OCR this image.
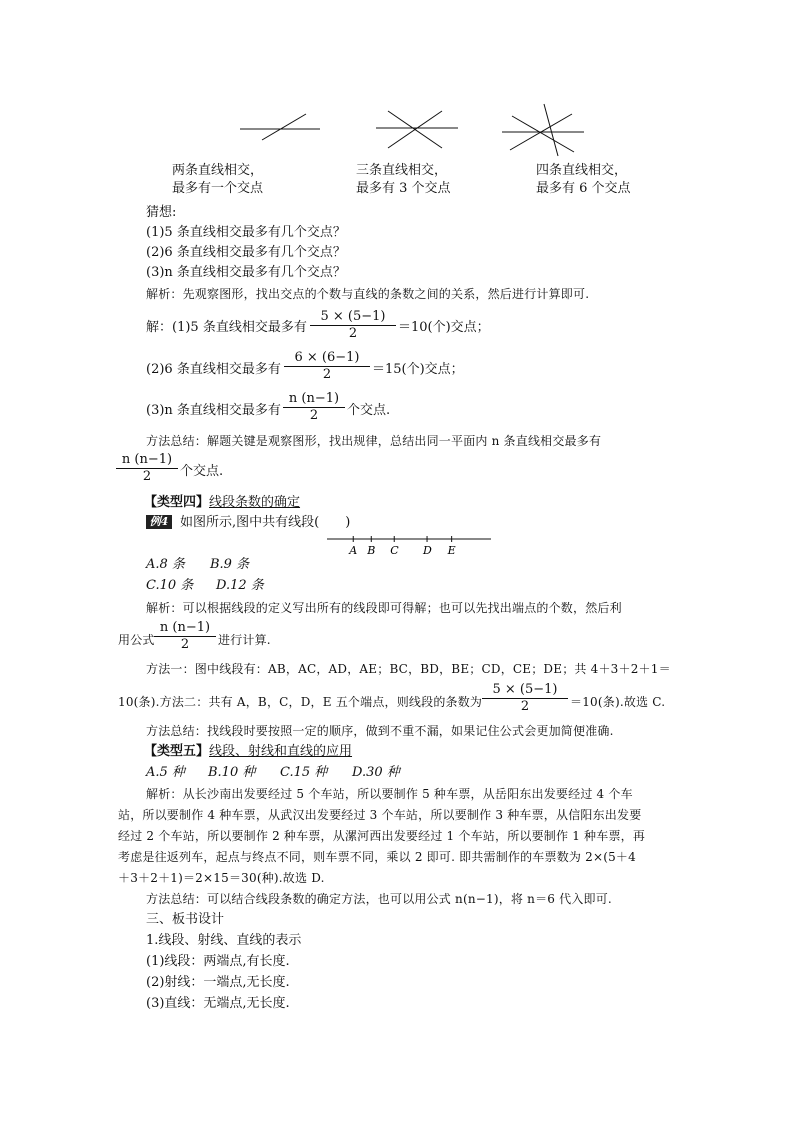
两条直线相交，
最多有一个交点
三条直线相交，
最多有 3 个交点
四条直线相交，
最多有 6 个交点
猜想:
(1)5 条直线相交最多有几个交点？
(2)6 条直线相交最多有几个交点？
(3)n 条直线相交最多有几个交点？
解析：先观察图形，找出交点的个数与直线的条数之间的关系，然后进行计算即可.
解：(1)5 条直线相交最多有
5 × (5−1)
2	＝10(个)交点；
(2)6 条直线相交最多有
6 × (6−1)
2	＝15(个)交点；
(3)n 条直线相交最多有
n (n−1)
2	个交点.
方法总结：解题关键是观察图形，找出规律，总结出同一平面内 n 条直线相交最多有
n (n−1)
2	个交点.
【类型四】线段条数的确定
例4 如图所示,图中共有线段(　　)
A B C D E
A.8 条 B.9 条
C.10 条 D.12 条
解析：可以根据线段的定义写出所有的线段即可得解；也可以先找出端点的个数，然后利
用公式
n (n−1)
2	进行计算.
方法一：图中线段有：AB，AC，AD，AE；BC，BD，BE；CD，CE；DE；共 4＋3＋2＋1＝
10(条).方法二：共有 A，B，C，D，E 五个端点，则线段的条数为
5 × (5−1)
2	＝10(条).故选 C.
方法总结：找线段时要按照一定的顺序，做到不重不漏，如果记住公式会更加简便准确.
【类型五】线段、射线和直线的应用
A.5 种 B.10 种 C.15 种 D.30 种
解析：从长沙南出发要经过 5 个车站，所以要制作 5 种车票，从岳阳东出发要经过 4 个车
站，所以要制作 4 种车票，从武汉出发要经过 3 个车站，所以要制作 3 种车票，从信阳东出发要
经过 2 个车站，所以要制作 2 种车票，从漯河西出发要经过 1 个车站，所以要制作 1 种车票，再
考虑是往返列车，起点与终点不同，则车票不同，乘以 2 即可. 即共需制作的车票数为 2×(5＋4
＋3＋2＋1)＝2×15＝30(种).故选 D.
方法总结：可以结合线段条数的确定方法，也可以用公式 n(n−1)，将 n＝6 代入即可.
三、板书设计
1.线段、射线、直线的表示
(1)线段：两端点,有长度.
(2)射线：一端点,无长度.
(3)直线：无端点,无长度.
